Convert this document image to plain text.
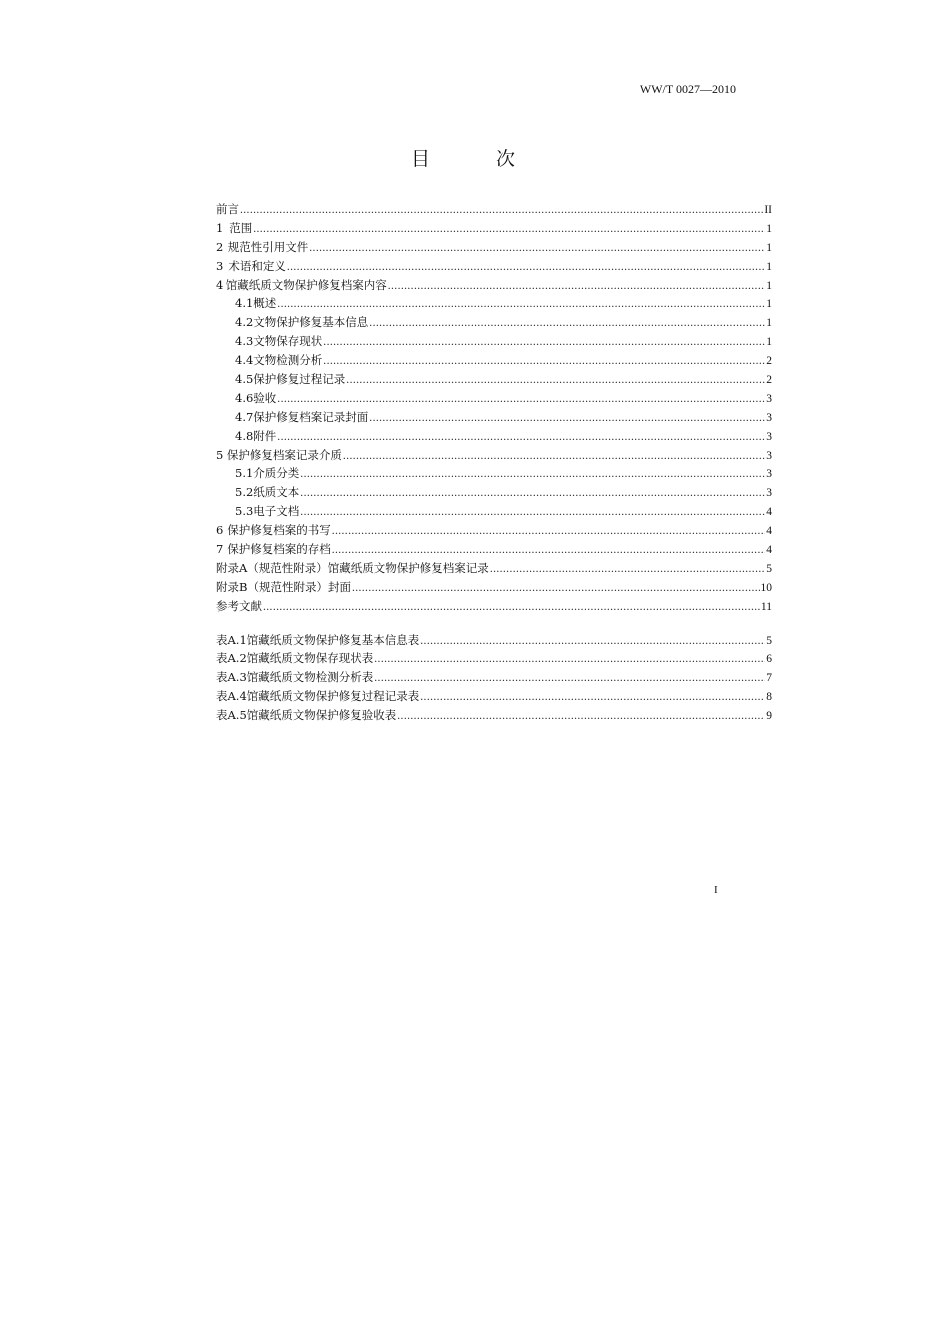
WW/T 0027—2010
目 次
前言 .....	II
1 范围 .....	1
2 规范性引用文件 .....	1
3 术语和定义 .....	1
4 馆藏纸质文物保护修复档案内容 .....	1
4.1 概述 .....	1
4.2 文物保护修复基本信息 .....	1
4.3 文物保存现状 .....	1
4.4 文物检测分析 .....	2
4.5 保护修复过程记录 .....	2
4.6 验收 .....	3
4.7 保护修复档案记录封面 .....	3
4.8 附件 .....	3
5 保护修复档案记录介质 .....	3
5.1 介质分类 .....	3
5.2 纸质文本 .....	3
5.3 电子文档 .....	4
6 保护修复档案的书写 .....	4
7 保护修复档案的存档 .....	4
附录A（规范性附录）馆藏纸质文物保护修复档案记录 .....	5
附录B（规范性附录）封面 .....	10
参考文献 .....	11
表A.1 馆藏纸质文物保护修复基本信息表 .....	5
表A.2 馆藏纸质文物保存现状表 .....	6
表A.3 馆藏纸质文物检测分析表 .....	7
表A.4 馆藏纸质文物保护修复过程记录表 .....	8
表A.5 馆藏纸质文物保护修复验收表 .....	9
I
